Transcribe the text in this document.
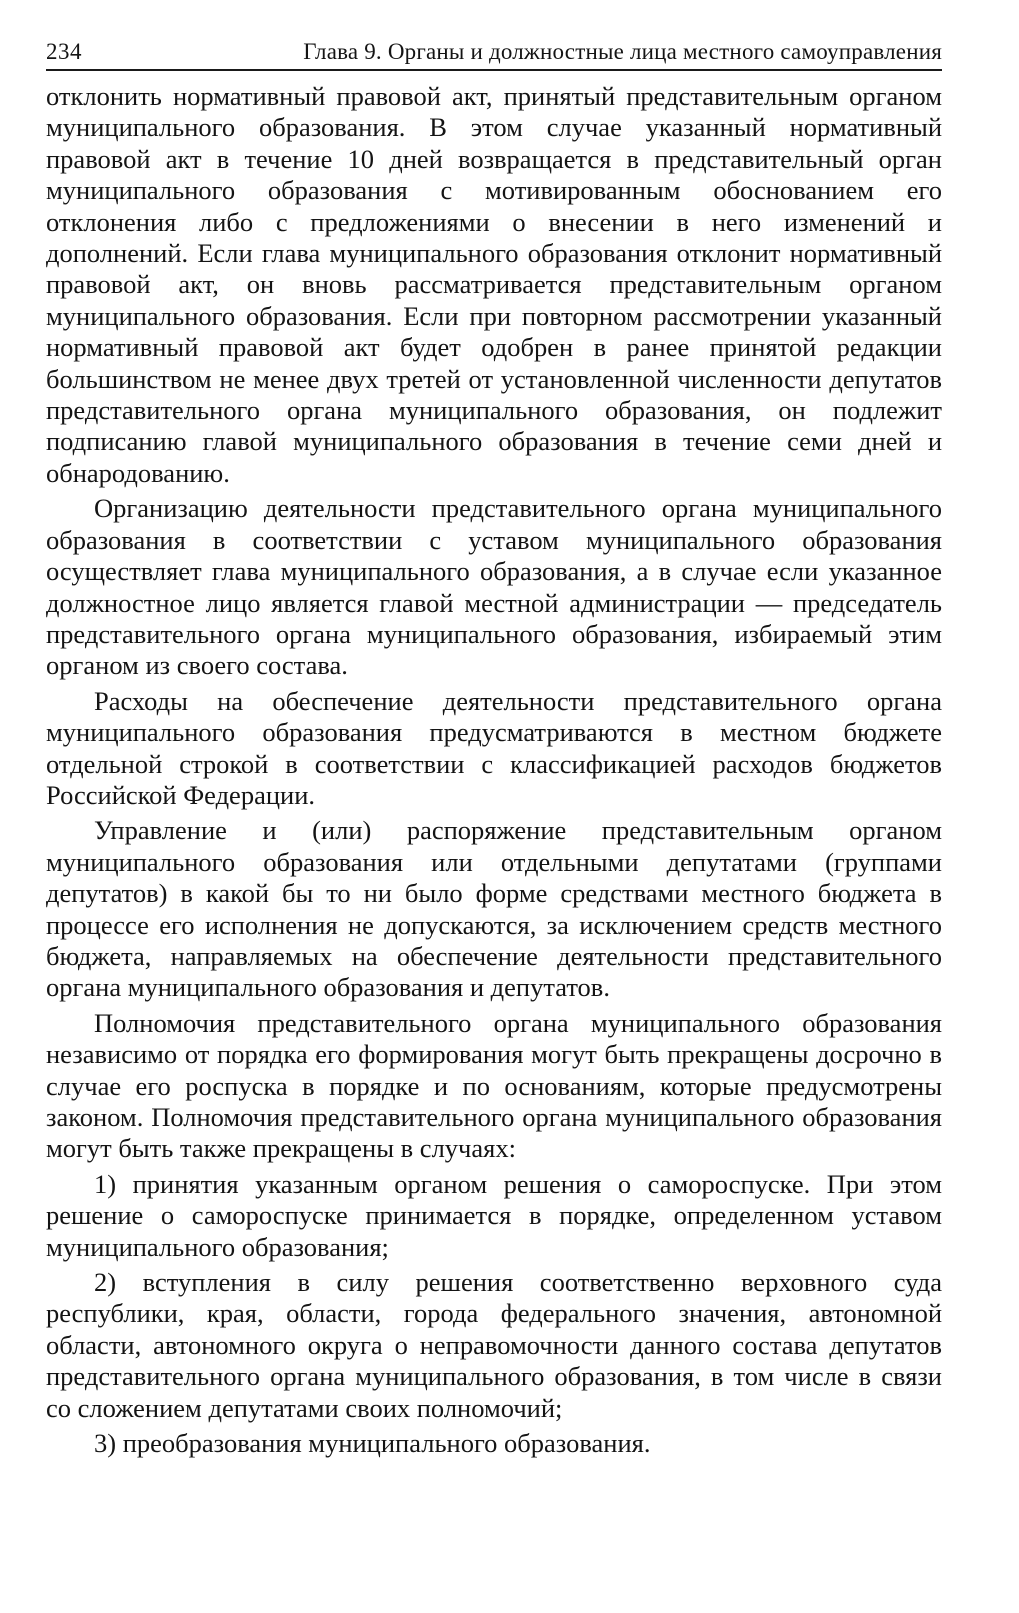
234	Глава 9. Органы и должностные лица местного самоуправления

отклонить нормативный правовой акт, принятый представительным органом муниципального образования. В этом случае указанный нормативный правовой акт в течение 10 дней возвращается в представительный орган муниципального образования с мотивированным обоснованием его отклонения либо с предложениями о внесении в него изменений и дополнений. Если глава муниципального образования отклонит нормативный правовой акт, он вновь рассматривается представительным органом муниципального образования. Если при повторном рассмотрении указанный нормативный правовой акт будет одобрен в ранее принятой редакции большинством не менее двух третей от установленной численности депутатов представительного органа муниципального образования, он подлежит подписанию главой муниципального образования в течение семи дней и обнародованию.

Организацию деятельности представительного органа муниципального образования в соответствии с уставом муниципального образования осуществляет глава муниципального образования, а в случае если указанное должностное лицо является главой местной администрации — председатель представительного органа муниципального образования, избираемый этим органом из своего состава.

Расходы на обеспечение деятельности представительного органа муниципального образования предусматриваются в местном бюджете отдельной строкой в соответствии с классификацией расходов бюджетов Российской Федерации.

Управление и (или) распоряжение представительным органом муниципального образования или отдельными депутатами (группами депутатов) в какой бы то ни было форме средствами местного бюджета в процессе его исполнения не допускаются, за исключением средств местного бюджета, направляемых на обеспечение деятельности представительного органа муниципального образования и депутатов.

Полномочия представительного органа муниципального образования независимо от порядка его формирования могут быть прекращены досрочно в случае его роспуска в порядке и по основаниям, которые предусмотрены законом. Полномочия представительного органа муниципального образования могут быть также прекращены в случаях:

1) принятия указанным органом решения о самороспуске. При этом решение о самороспуске принимается в порядке, определенном уставом муниципального образования;

2) вступления в силу решения соответственно верховного суда республики, края, области, города федерального значения, автономной области, автономного округа о неправомочности данного состава депутатов представительного органа муниципального образования, в том числе в связи со сложением депутатами своих полномочий;

3) преобразования муниципального образования.
